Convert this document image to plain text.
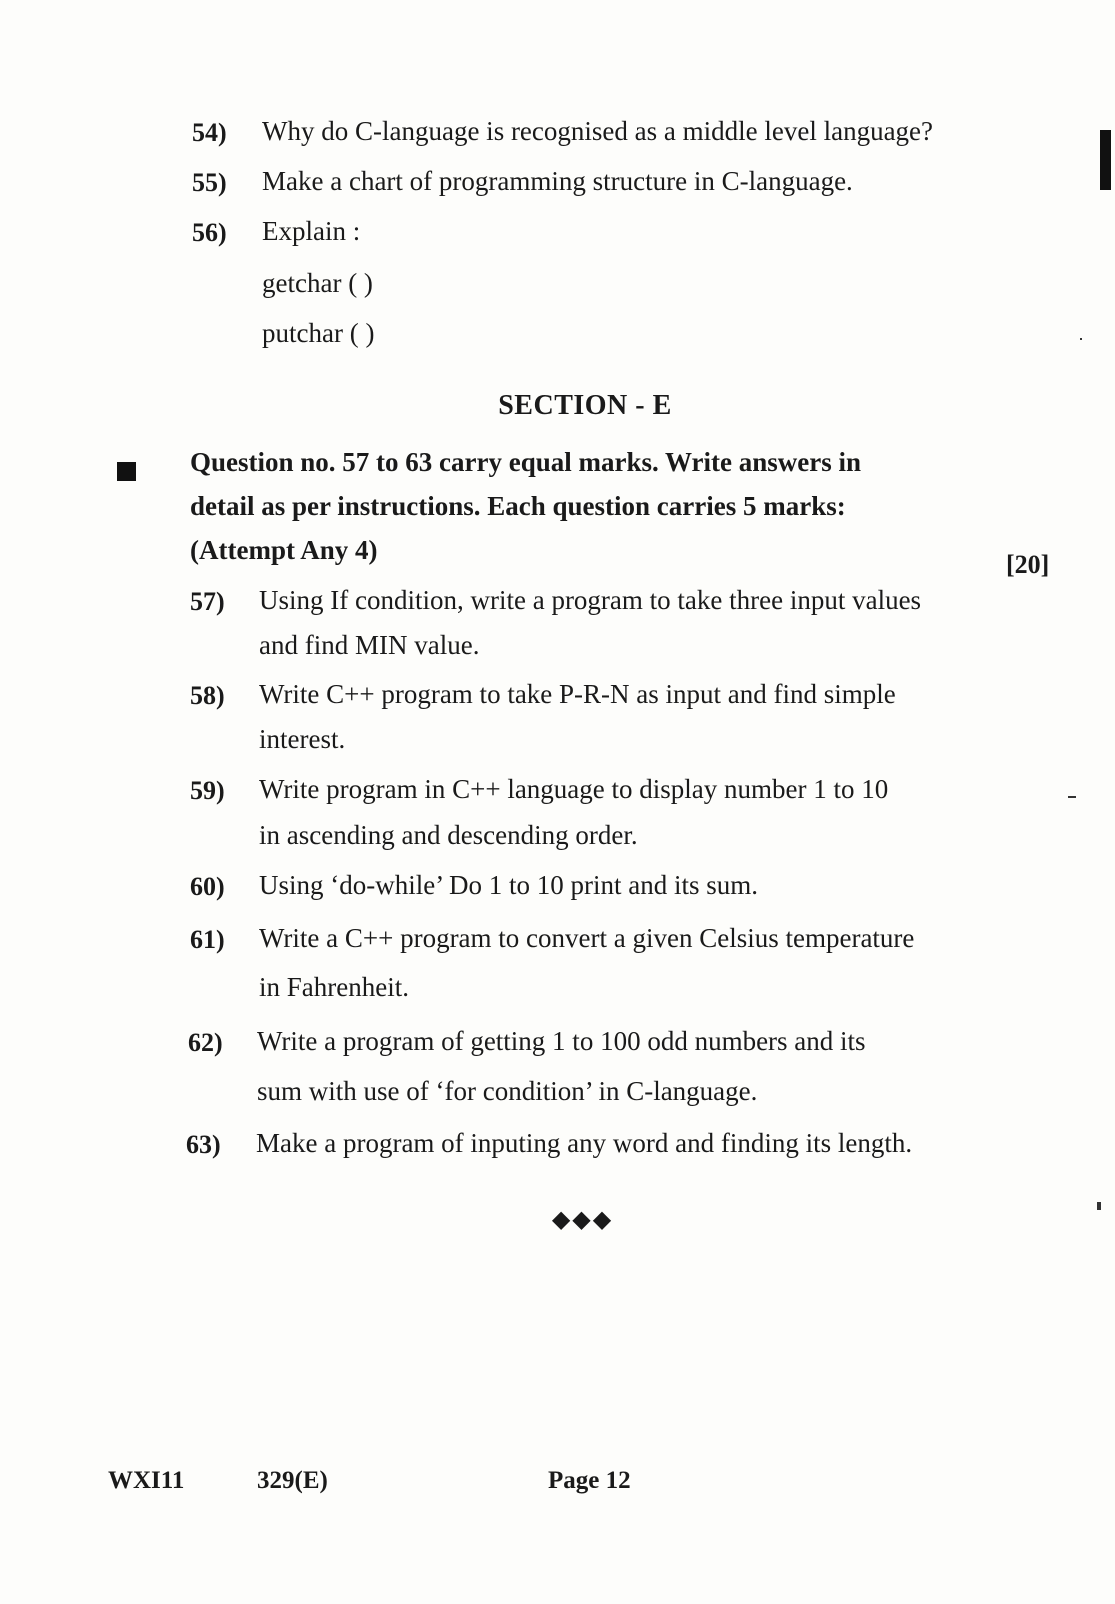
54) Why do C-language is recognised as a middle level language?
55) Make a chart of programming structure in C-language.
56) Explain :
getchar ( )
putchar ( )
SECTION - E
Question no. 57 to 63 carry equal marks. Write answers in
detail as per instructions. Each question carries 5 marks:
(Attempt Any 4)	[20]
57) Using If condition, write a program to take three input values
and find MIN value.
58) Write C++ program to take P-R-N as input and find simple
interest.
59) Write program in C++ language to display number 1 to 10
in ascending and descending order.
60) Using ‘do-while’ Do 1 to 10 print and its sum.
61) Write a C++ program to convert a given Celsius temperature
in Fahrenheit.
62) Write a program of getting 1 to 100 odd numbers and its
sum with use of ‘for condition’ in C-language.
63) Make a program of inputing any word and finding its length.
◆◆◆
WXI11	329(E)	Page 12
